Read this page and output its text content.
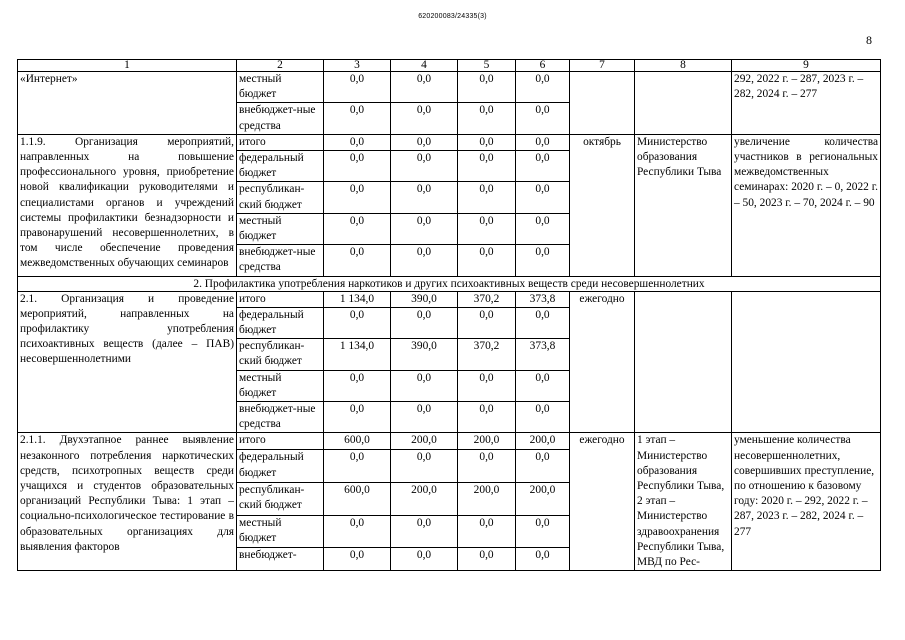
620200083/24335(3)
8
1	2	3	4	5	6	7	8	9
«Интернет»	местный бюджет	0,0	0,0	0,0	0,0			292, 2022 г. – 287, 2023 г. – 282, 2024 г. – 277
	внебюджет-ные средства	0,0	0,0	0,0	0,0			
1.1.9. Организация мероприятий, направленных на повышение профессионального уровня, приобретение новой квалификации руководителями и специалистами органов и учреждений системы профилактики безнадзорности и правонарушений несовершеннолетних, в том числе обеспечение проведения межведомственных обучающих семинаров	итого	0,0	0,0	0,0	0,0	октябрь	Министерство образования Республики Тыва	увеличение количества участников в региональных межведомственных семинарах: 2020 г. – 0, 2022 г. – 50, 2023 г. – 70, 2024 г. – 90
	федеральный бюджет	0,0	0,0	0,0	0,0			
	республикан-ский бюджет	0,0	0,0	0,0	0,0			
	местный бюджет	0,0	0,0	0,0	0,0			
	внебюджет-ные средства	0,0	0,0	0,0	0,0			
2. Профилактика употребления наркотиков и других психоактивных веществ среди несовершеннолетних								
2.1. Организация и проведение мероприятий, направленных на профилактику употребления психоактивных веществ (далее – ПАВ) несовершеннолетними	итого	1 134,0	390,0	370,2	373,8	ежегодно		
	федеральный бюджет	0,0	0,0	0,0	0,0			
	республикан-ский бюджет	1 134,0	390,0	370,2	373,8			
	местный бюджет	0,0	0,0	0,0	0,0			
	внебюджет-ные средства	0,0	0,0	0,0	0,0			
2.1.1. Двухэтапное раннее выявление незаконного потребления наркотических средств, психотропных веществ среди учащихся и студентов образовательных организаций Республики Тыва: 1 этап – социально-психологическое тестирование в образовательных организациях для выявления факторов	итого	600,0	200,0	200,0	200,0	ежегодно	1 этап – Министерство образования Республики Тыва, 2 этап – Министерство здравоохранения Республики Тыва, МВД по Рес-	уменьшение количества несовершеннолетних, совершивших преступление, по отношению к базовому году: 2020 г. – 292, 2022 г. – 287, 2023 г. – 282, 2024 г. – 277
	федеральный бюджет	0,0	0,0	0,0	0,0			
	республикан-ский бюджет	600,0	200,0	200,0	200,0			
	местный бюджет	0,0	0,0	0,0	0,0			
	внебюджет-	0,0	0,0	0,0	0,0			
